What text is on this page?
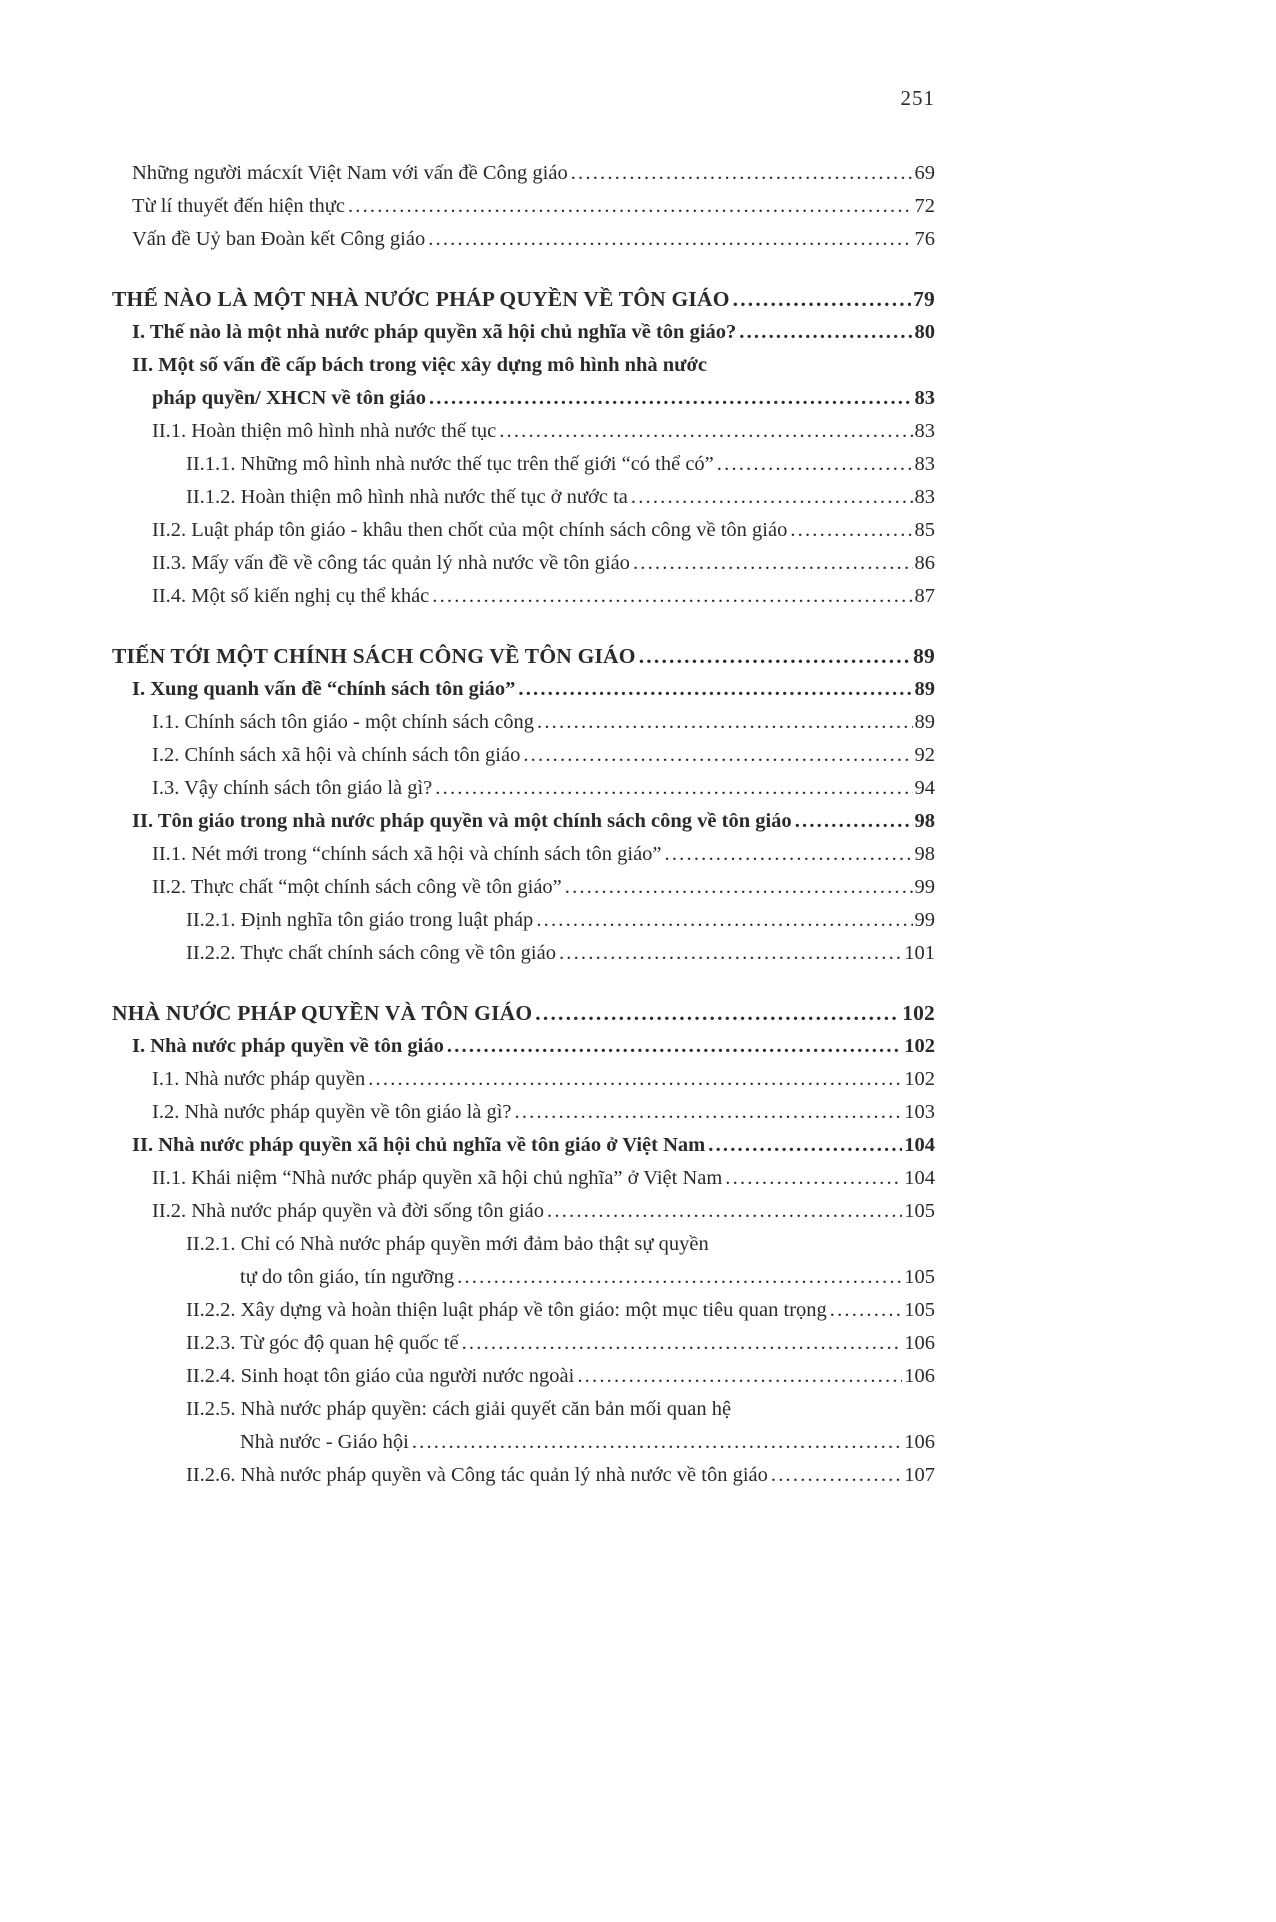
251
Những người mácxít Việt Nam với vấn đề Công giáo .....	69
Từ lí thuyết đến hiện thực .....	72
Vấn đề Uỷ ban Đoàn kết Công giáo .....	76
THẾ NÀO LÀ MỘT NHÀ NƯỚC PHÁP QUYỀN VỀ TÔN GIÁO .....	79
I. Thế nào là một nhà nước pháp quyền xã hội chủ nghĩa về tôn giáo? .....	80
II. Một số vấn đề cấp bách trong việc xây dựng mô hình nhà nước
pháp quyền/ XHCN về tôn giáo .....	83
II.1. Hoàn thiện mô hình nhà nước thế tục .....	83
II.1.1. Những mô hình nhà nước thế tục trên thế giới “có thể có” .....	83
II.1.2. Hoàn thiện mô hình nhà nước thế tục ở nước ta .....	83
II.2. Luật pháp tôn giáo - khâu then chốt của một chính sách công về tôn giáo .....	85
II.3. Mấy vấn đề về công tác quản lý nhà nước về tôn giáo .....	86
II.4. Một số kiến nghị cụ thể khác .....	87
TIẾN TỚI MỘT CHÍNH SÁCH CÔNG VỀ TÔN GIÁO .....	89
I. Xung quanh vấn đề “chính sách tôn giáo” .....	89
I.1. Chính sách tôn giáo - một chính sách công .....	89
I.2. Chính sách xã hội và chính sách tôn giáo .....	92
I.3. Vậy chính sách tôn giáo là gì? .....	94
II. Tôn giáo trong nhà nước pháp quyền và một chính sách công về tôn giáo .....	98
II.1. Nét mới trong “chính sách xã hội và chính sách tôn giáo” .....	98
II.2. Thực chất “một chính sách công về tôn giáo” .....	99
II.2.1. Định nghĩa tôn giáo trong luật pháp .....	99
II.2.2. Thực chất chính sách công về tôn giáo .....	101
NHÀ NƯỚC PHÁP QUYỀN VÀ TÔN GIÁO .....	102
I. Nhà nước pháp quyền về tôn giáo .....	102
I.1. Nhà nước pháp quyền .....	102
I.2. Nhà nước pháp quyền về tôn giáo là gì? .....	103
II. Nhà nước pháp quyền xã hội chủ nghĩa về tôn giáo ở Việt Nam .....	104
II.1. Khái niệm “Nhà nước pháp quyền xã hội chủ nghĩa” ở Việt Nam .....	104
II.2. Nhà nước pháp quyền và đời sống tôn giáo .....	105
II.2.1. Chỉ có Nhà nước pháp quyền mới đảm bảo thật sự quyền
tự do tôn giáo, tín ngưỡng .....	105
II.2.2. Xây dựng và hoàn thiện luật pháp về tôn giáo: một mục tiêu quan trọng .....	105
II.2.3. Từ góc độ quan hệ quốc tế .....	106
II.2.4. Sinh hoạt tôn giáo của người nước ngoài .....	106
II.2.5. Nhà nước pháp quyền: cách giải quyết căn bản mối quan hệ
Nhà nước - Giáo hội .....	106
II.2.6. Nhà nước pháp quyền và Công tác quản lý nhà nước về tôn giáo .....	107
